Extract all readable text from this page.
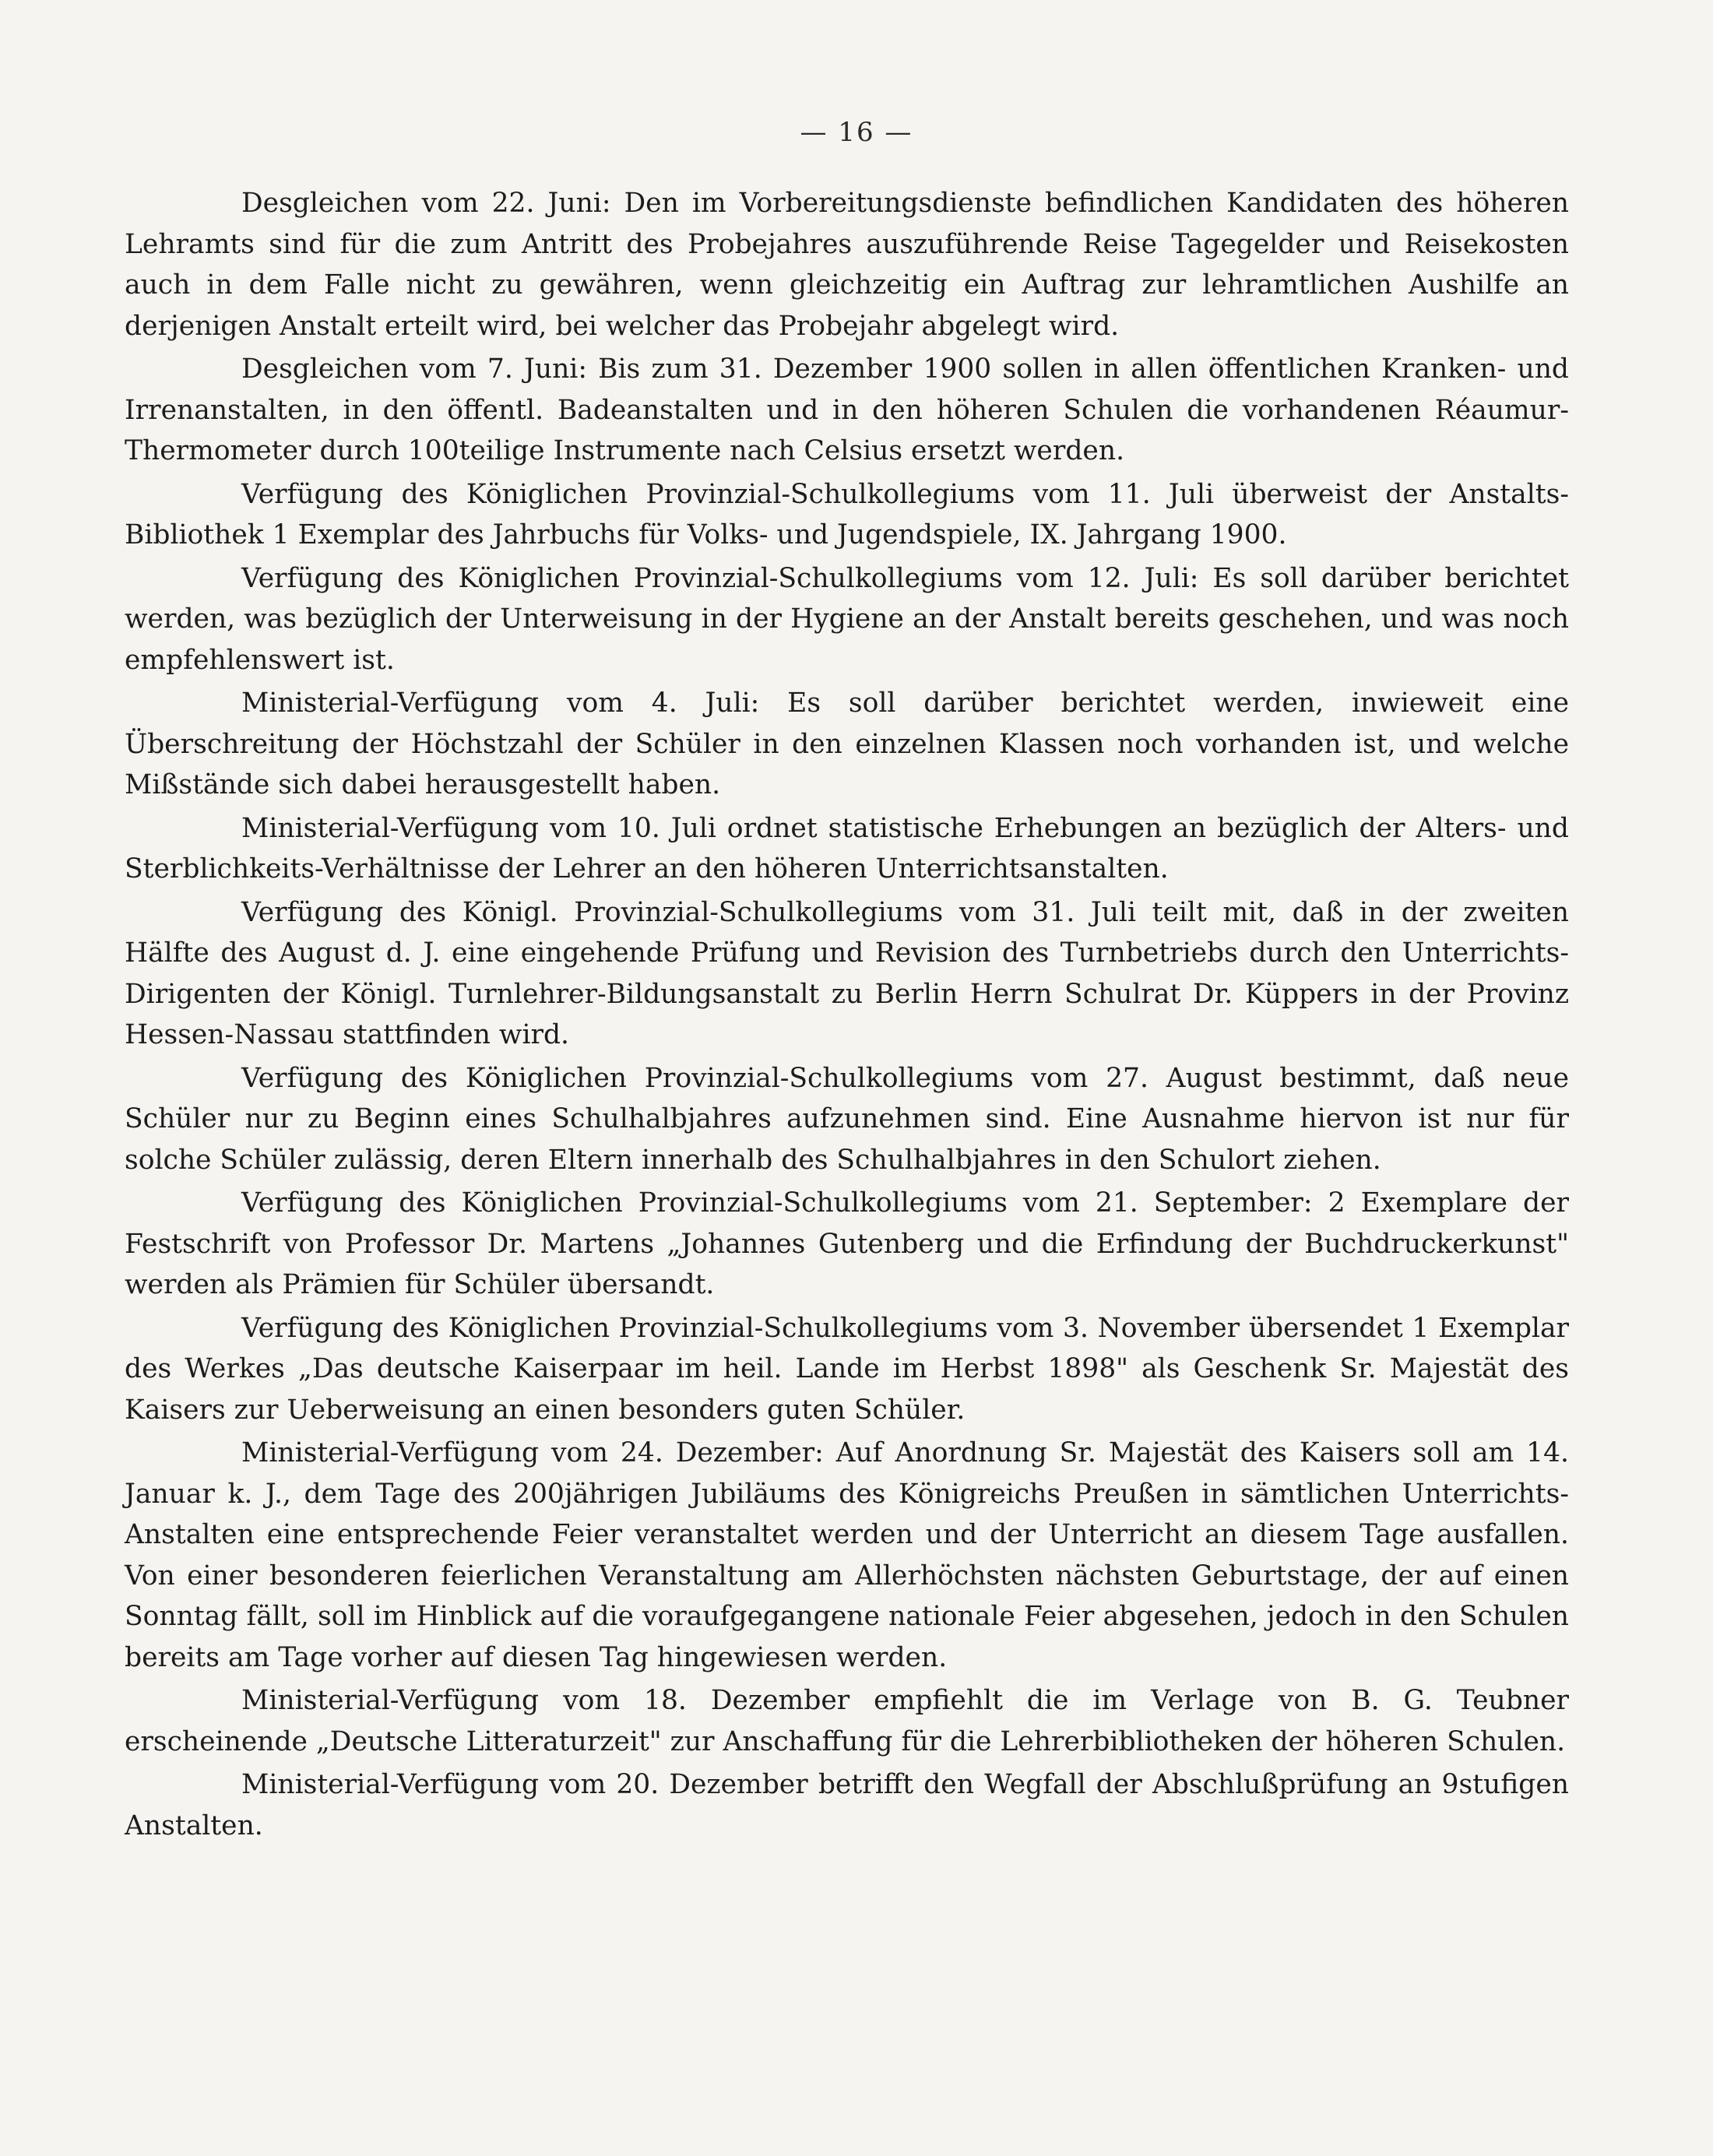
— 16 —

Desgleichen vom 22. Juni: Den im Vorbereitungsdienste befindlichen Kandidaten des höheren Lehramts sind für die zum Antritt des Probejahres auszuführende Reise Tagegelder und Reisekosten auch in dem Falle nicht zu gewähren, wenn gleichzeitig ein Auftrag zur lehramtlichen Aushilfe an derjenigen Anstalt erteilt wird, bei welcher das Probejahr abgelegt wird.

Desgleichen vom 7. Juni: Bis zum 31. Dezember 1900 sollen in allen öffentlichen Kranken- und Irrenanstalten, in den öffentl. Badeanstalten und in den höheren Schulen die vorhandenen Réaumur-Thermometer durch 100teilige Instrumente nach Celsius ersetzt werden.

Verfügung des Königlichen Provinzial-Schulkollegiums vom 11. Juli überweist der Anstalts-Bibliothek 1 Exemplar des Jahrbuchs für Volks- und Jugendspiele, IX. Jahrgang 1900.

Verfügung des Königlichen Provinzial-Schulkollegiums vom 12. Juli: Es soll darüber berichtet werden, was bezüglich der Unterweisung in der Hygiene an der Anstalt bereits geschehen, und was noch empfehlenswert ist.

Ministerial-Verfügung vom 4. Juli: Es soll darüber berichtet werden, inwieweit eine Überschreitung der Höchstzahl der Schüler in den einzelnen Klassen noch vorhanden ist, und welche Mißstände sich dabei herausgestellt haben.

Ministerial-Verfügung vom 10. Juli ordnet statistische Erhebungen an bezüglich der Alters- und Sterblichkeits-Verhältnisse der Lehrer an den höheren Unterrichtsanstalten.

Verfügung des Königl. Provinzial-Schulkollegiums vom 31. Juli teilt mit, daß in der zweiten Hälfte des August d. J. eine eingehende Prüfung und Revision des Turnbetriebs durch den Unterrichts-Dirigenten der Königl. Turnlehrer-Bildungsanstalt zu Berlin Herrn Schulrat Dr. Küppers in der Provinz Hessen-Nassau stattfinden wird.

Verfügung des Königlichen Provinzial-Schulkollegiums vom 27. August bestimmt, daß neue Schüler nur zu Beginn eines Schulhalbjahres aufzunehmen sind. Eine Ausnahme hiervon ist nur für solche Schüler zulässig, deren Eltern innerhalb des Schulhalbjahres in den Schulort ziehen.

Verfügung des Königlichen Provinzial-Schulkollegiums vom 21. September: 2 Exemplare der Festschrift von Professor Dr. Martens „Johannes Gutenberg und die Erfindung der Buchdruckerkunst" werden als Prämien für Schüler übersandt.

Verfügung des Königlichen Provinzial-Schulkollegiums vom 3. November übersendet 1 Exemplar des Werkes „Das deutsche Kaiserpaar im heil. Lande im Herbst 1898" als Geschenk Sr. Majestät des Kaisers zur Ueberweisung an einen besonders guten Schüler.

Ministerial-Verfügung vom 24. Dezember: Auf Anordnung Sr. Majestät des Kaisers soll am 14. Januar k. J., dem Tage des 200jährigen Jubiläums des Königreichs Preußen in sämtlichen Unterrichts-Anstalten eine entsprechende Feier veranstaltet werden und der Unterricht an diesem Tage ausfallen. Von einer besonderen feierlichen Veranstaltung am Allerhöchsten nächsten Geburtstage, der auf einen Sonntag fällt, soll im Hinblick auf die voraufgegangene nationale Feier abgesehen, jedoch in den Schulen bereits am Tage vorher auf diesen Tag hingewiesen werden.

Ministerial-Verfügung vom 18. Dezember empfiehlt die im Verlage von B. G. Teubner erscheinende „Deutsche Litteraturzeit" zur Anschaffung für die Lehrerbibliotheken der höheren Schulen.

Ministerial-Verfügung vom 20. Dezember betrifft den Wegfall der Abschlußprüfung an 9stufigen Anstalten.
